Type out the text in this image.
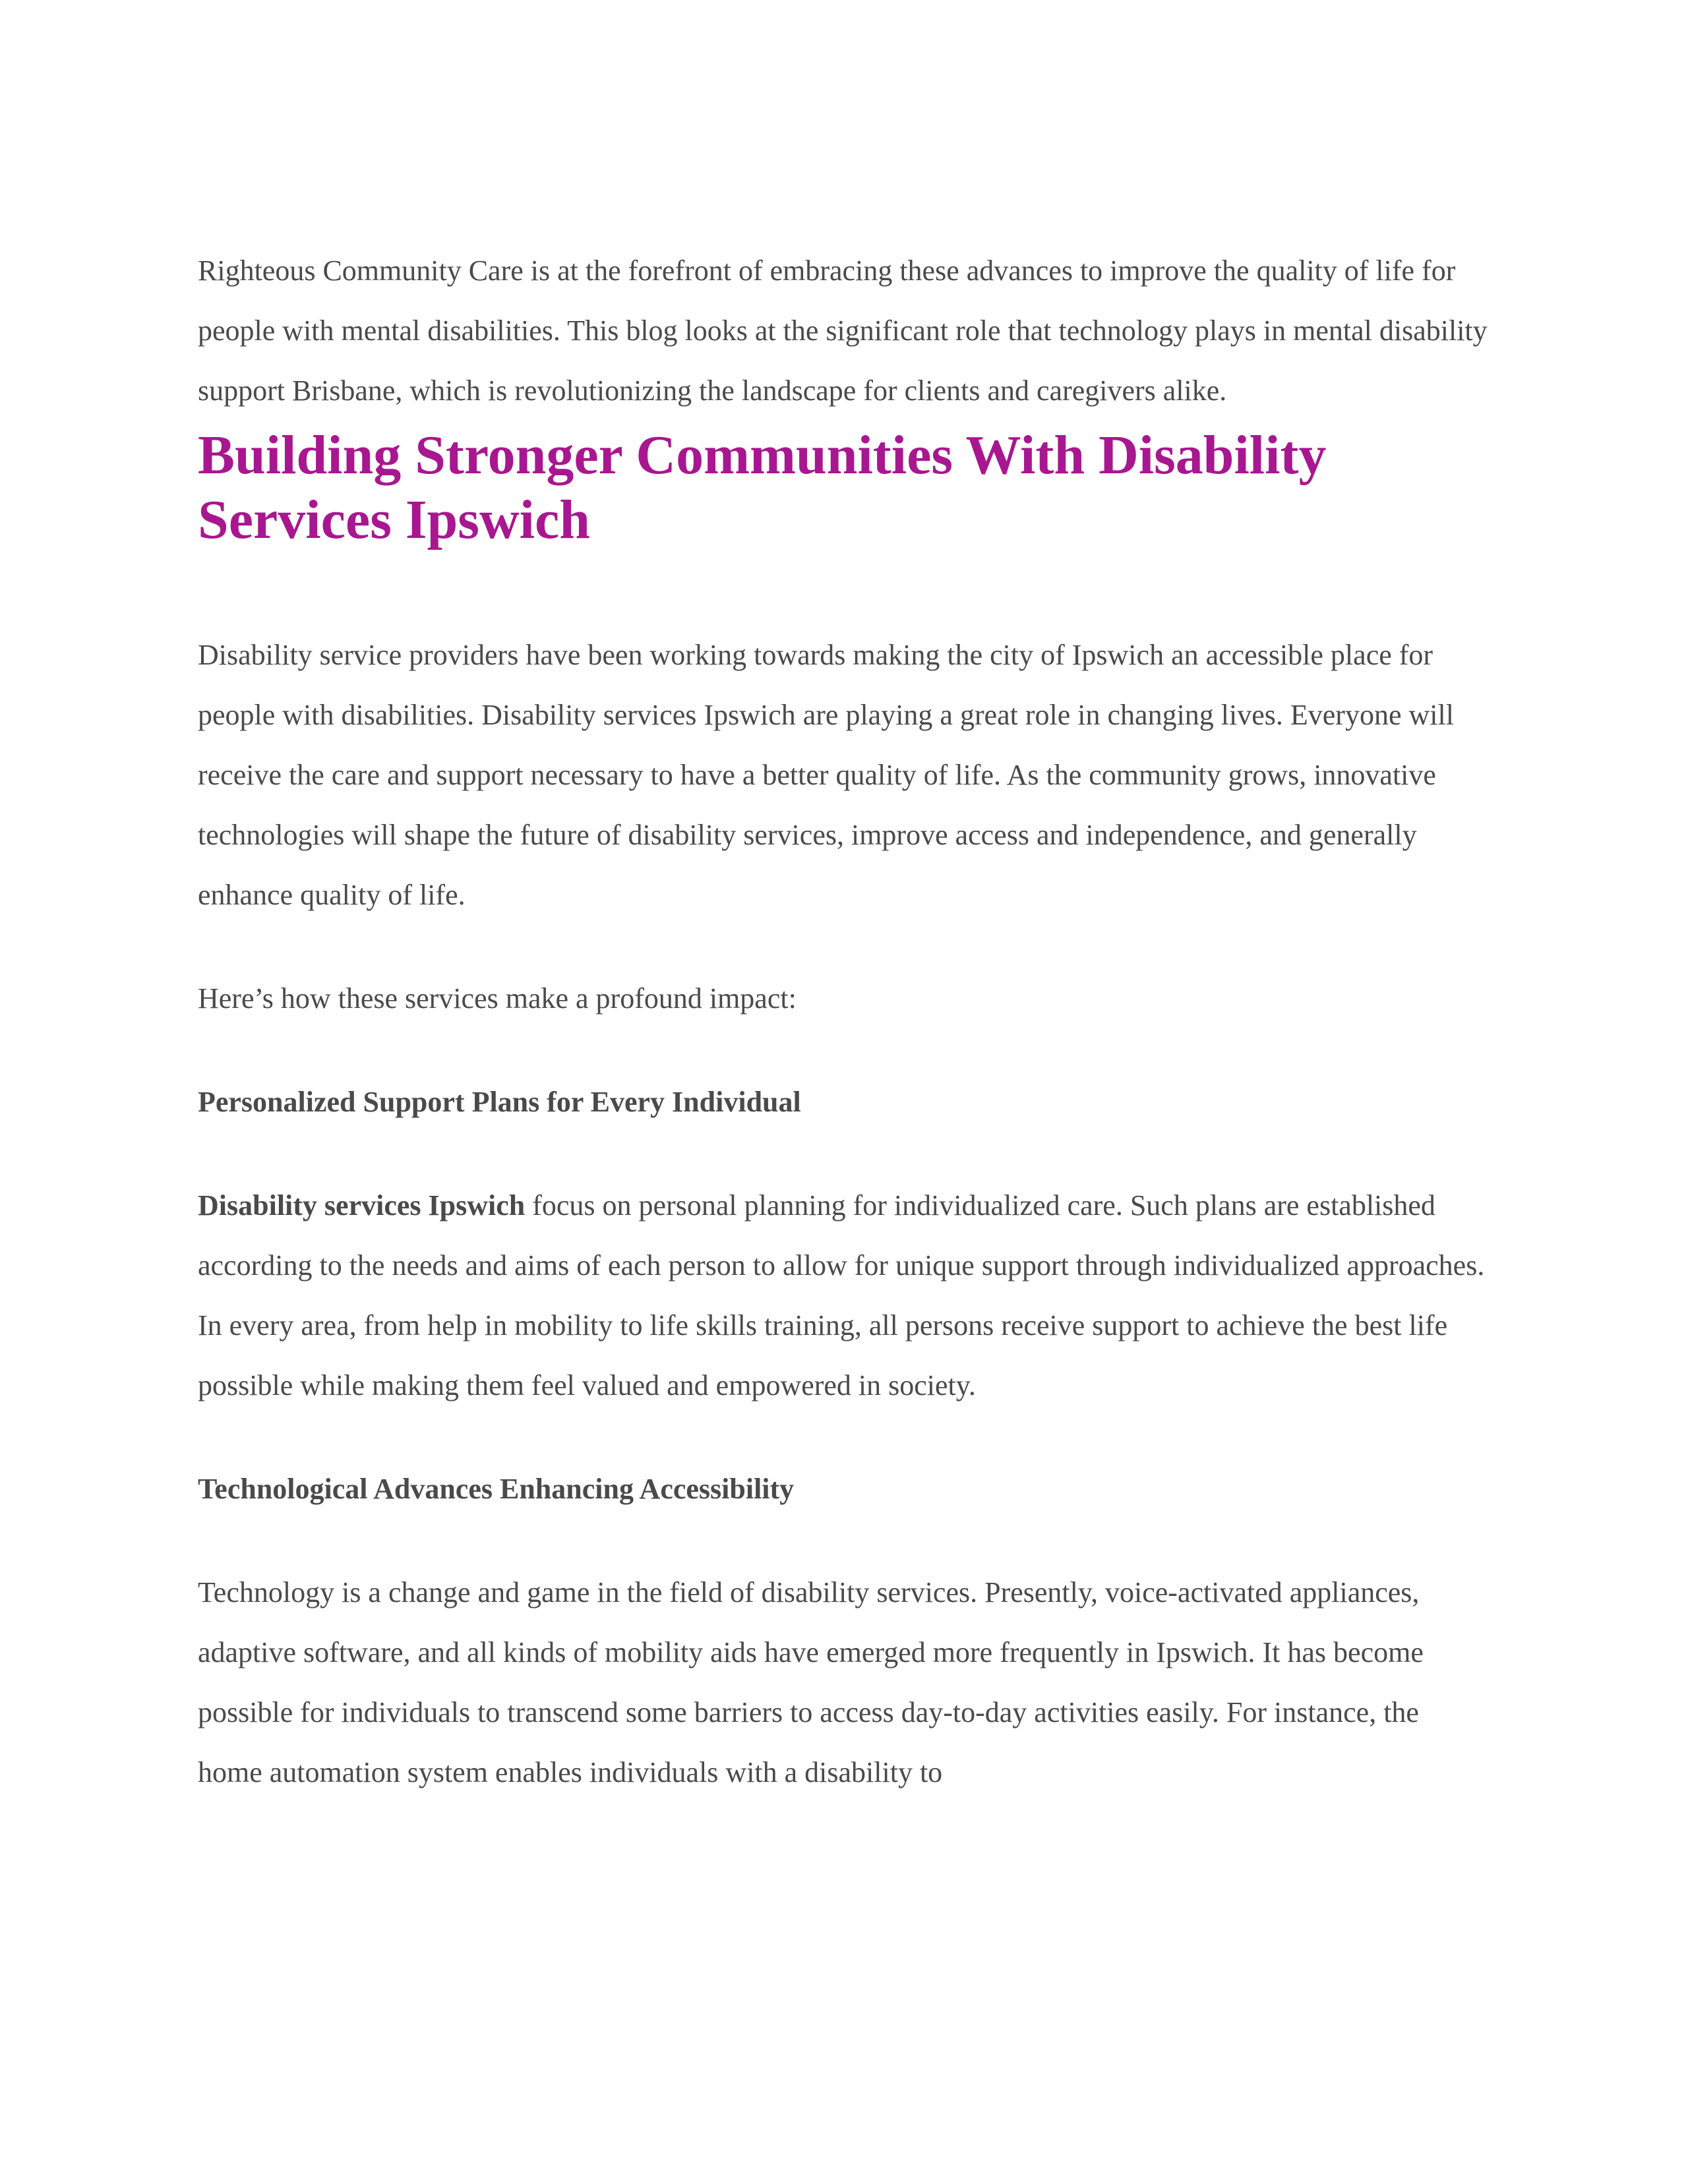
Righteous Community Care is at the forefront of embracing these advances to improve the quality of life for people with mental disabilities. This blog looks at the significant role that technology plays in mental disability support Brisbane, which is revolutionizing the landscape for clients and caregivers alike.

Building Stronger Communities With Disability Services Ipswich

Disability service providers have been working towards making the city of Ipswich an accessible place for people with disabilities. Disability services Ipswich are playing a great role in changing lives. Everyone will receive the care and support necessary to have a better quality of life. As the community grows, innovative technologies will shape the future of disability services, improve access and independence, and generally enhance quality of life.

Here’s how these services make a profound impact:

Personalized Support Plans for Every Individual

Disability services Ipswich focus on personal planning for individualized care. Such plans are established according to the needs and aims of each person to allow for unique support through individualized approaches. In every area, from help in mobility to life skills training, all persons receive support to achieve the best life possible while making them feel valued and empowered in society.

Technological Advances Enhancing Accessibility

Technology is a change and game in the field of disability services. Presently, voice-activated appliances, adaptive software, and all kinds of mobility aids have emerged more frequently in Ipswich. It has become possible for individuals to transcend some barriers to access day-to-day activities easily. For instance, the home automation system enables individuals with a disability to
